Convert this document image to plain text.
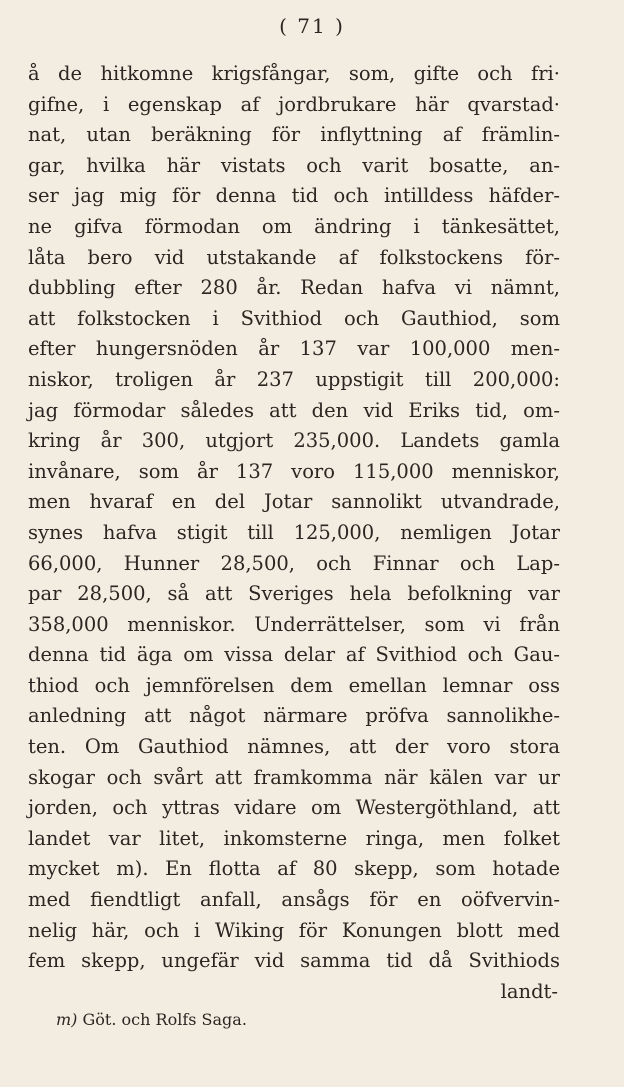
( 71 )
å de hitkomne krigsfångar, som, gifte och fri·
gifne, i egenskap af jordbrukare här qvarstad·
nat, utan beräkning för inflyttning af främlin-
gar, hvilka här vistats och varit bosatte, an-
ser jag mig för denna tid och intilldess häfder-
ne gifva förmodan om ändring i tänkesättet,
låta bero vid utstakande af folkstockens för-
dubbling efter 280 år. Redan hafva vi nämnt,
att folkstocken i Svithiod och Gauthiod, som
efter hungersnöden år 137 var 100,000 men-
niskor, troligen år 237 uppstigit till 200,000:
jag förmodar således att den vid Eriks tid, om-
kring år 300, utgjort 235,000. Landets gamla
invånare, som år 137 voro 115,000 menniskor,
men hvaraf en del Jotar sannolikt utvandrade,
synes hafva stigit till 125,000, nemligen Jotar
66,000, Hunner 28,500, och Finnar och Lap-
par 28,500, så att Sveriges hela befolkning var
358,000 menniskor. Underrättelser, som vi från
denna tid äga om vissa delar af Svithiod och Gau-
thiod och jemnförelsen dem emellan lemnar oss
anledning att något närmare pröfva sannolikhe-
ten. Om Gauthiod nämnes, att der voro stora
skogar och svårt att framkomma när kälen var ur
jorden, och yttras vidare om Westergöthland, att
landet var litet, inkomsterne ringa, men folket
mycket m). En flotta af 80 skepp, som hotade
med fiendtligt anfall, ansågs för en oöfvervin-
nelig här, och i Wiking för Konungen blott med
fem skepp, ungefär vid samma tid då Svithiods
landt-
m) Göt. och Rolfs Saga.
